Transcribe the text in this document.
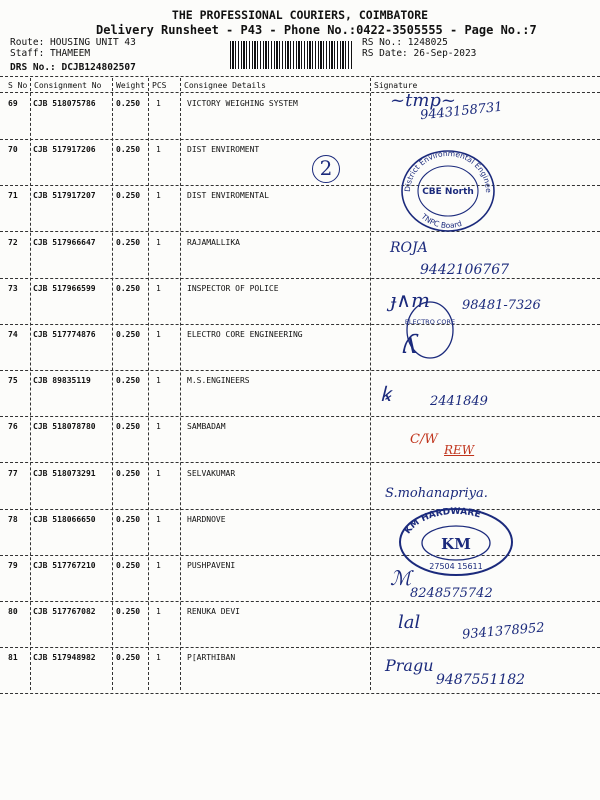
THE PROFESSIONAL COURIERS, COIMBATORE
Delivery Runsheet - P43 - Phone No.:0422-3505555 - Page No.:7
Route: HOUSING UNIT 43
Staff: THAMEEM
DRS No.: DCJB124802507
RS No.: 1248025
RS Date: 26-Sep-2023
S No Consignment No Weight PCS Consignee Details	Signature
69 CJB 518075786	0.250 1	VICTORY WEIGHING SYSTEM
70 CJB 517917206	0.250 1	DIST ENVIROMENT
71 CJB 517917207	0.250 1	DIST ENVIROMENTAL
72 CJB 517966647	0.250 1	RAJAMALLIKA
73 CJB 517966599	0.250 1	INSPECTOR OF POLICE
74 CJB 517774876	0.250 1	ELECTRO CORE ENGINEERING
75 CJB 89835119	0.250 1	M.S.ENGINEERS
76 CJB 518078780	0.250 1	SAMBADAM
77 CJB 518073291	0.250 1	SELVAKUMAR
78 CJB 518066650	0.250 1	HARDNOVE
79 CJB 517767210	0.250 1	PUSHPAVENI
80 CJB 517767082	0.250 1	RENUKA DEVI
81 CJB 517948982	0.250 1	P[ARTHIBAN
~tmp~
9443158731
District Environmental Enginee
TNPC Board
CBE North
2
ROJA
9442106767
ɟ∧m 98481-7326
ELECTRO CORE
ʎ
ꝃ	2441849
C/W
REW
S.mohanapriya.
KM HARDWARE
KM
27504 15611
ℳ
8248575742
lal	9341378952
Pragu
9487551182
